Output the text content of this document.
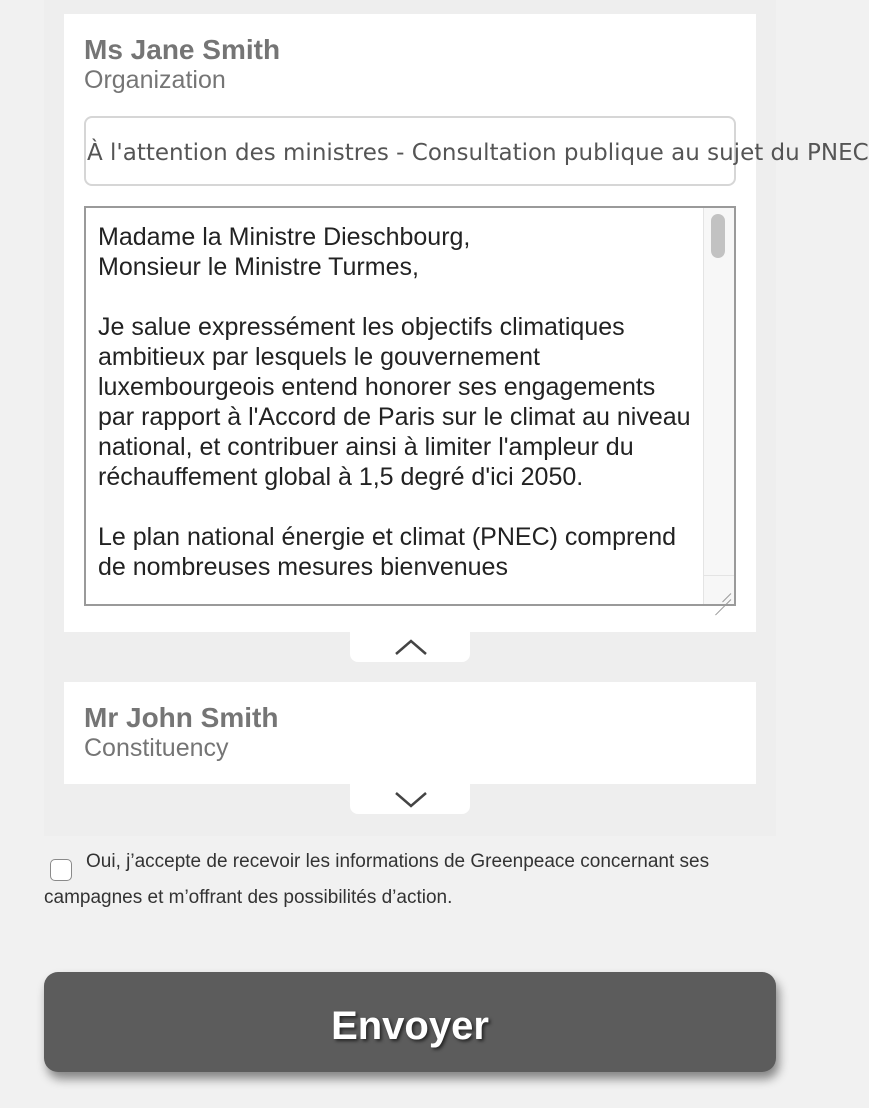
Ms Jane Smith
Organization
À l'attention des ministres - Consultation publique au sujet du PNEC
Madame la Ministre Dieschbourg,
Monsieur le Ministre Turmes,

Je salue expressément les objectifs climatiques ambitieux par lesquels le gouvernement luxembourgeois entend honorer ses engagements par rapport à l'Accord de Paris sur le climat au niveau national, et contribuer ainsi à limiter l'ampleur du réchauffement global à 1,5 degré d'ici 2050.

Le plan national énergie et climat (PNEC) comprend de nombreuses mesures bienvenues
Mr John Smith
Constituency
Oui, j’accepte de recevoir les informations de Greenpeace concernant ses campagnes et m’offrant des possibilités d’action.
Envoyer
